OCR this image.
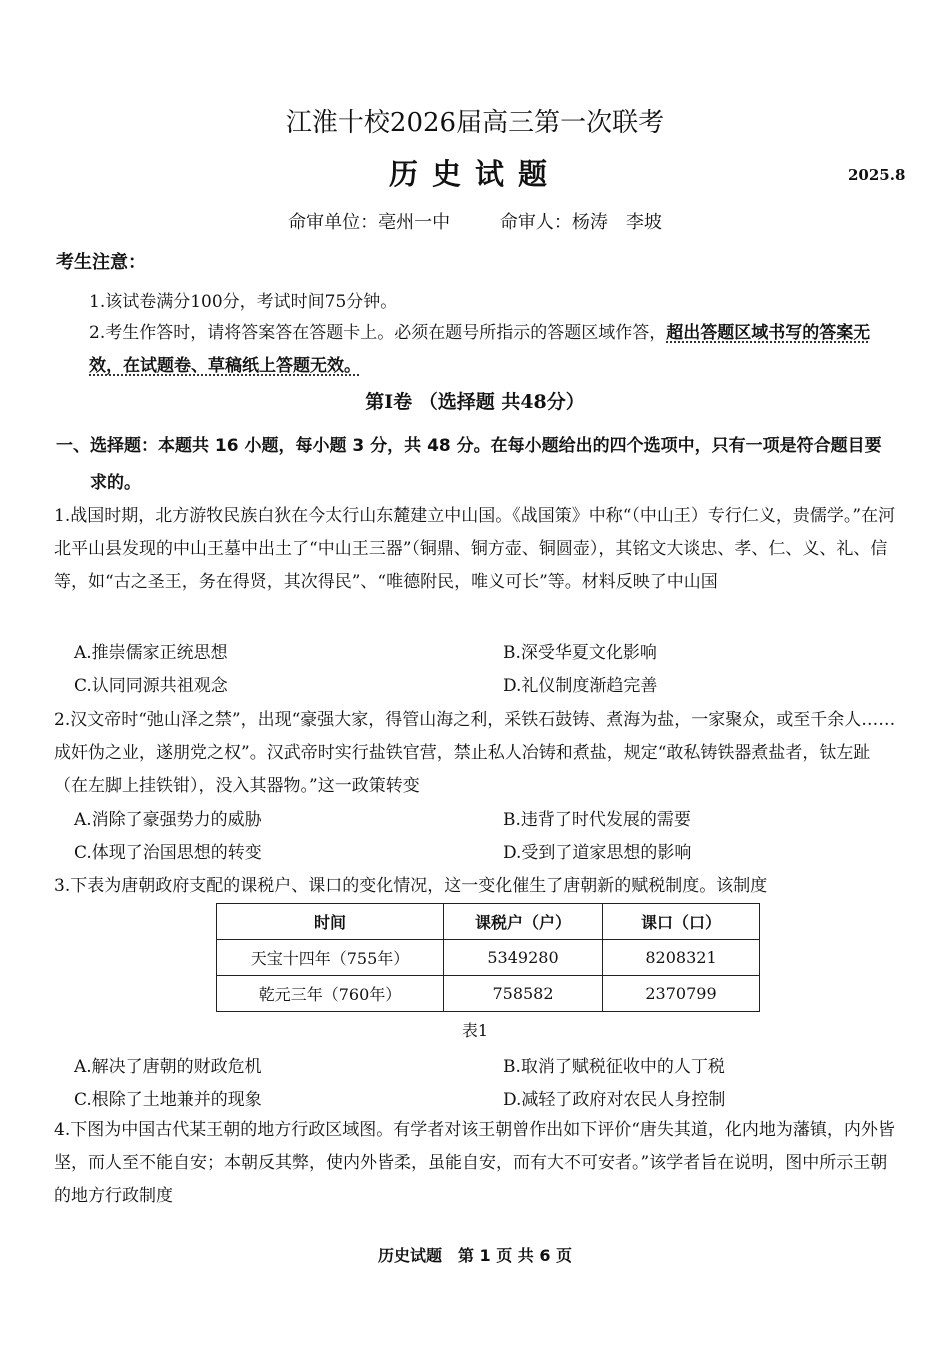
江淮十校2026届高三第一次联考
历史试题	2025.8
命审单位：亳州一中	命审人：杨涛　李坡
考生注意：
1.该试卷满分100分，考试时间75分钟。
2.考生作答时，请将答案答在答题卡上。必须在题号所指示的答题区域作答，超出答题区域书写的答案无效，在试题卷、草稿纸上答题无效。
第Ⅰ卷 （选择题 共48分）
一、选择题：本题共 16 小题，每小题 3 分，共 48 分。在每小题给出的四个选项中，只有一项是符合题目要
求的。
1.战国时期，北方游牧民族白狄在今太行山东麓建立中山国。《战国策》中称“（中山王）专行仁义，贵儒学。”在河北平山县发现的中山王墓中出土了“中山王三器”（铜鼎、铜方壶、铜圆壶），其铭文大谈忠、孝、仁、义、礼、信等，如“古之圣王，务在得贤，其次得民”、“唯德附民，唯义可长”等。材料反映了中山国
A.推崇儒家正统思想	B.深受华夏文化影响
C.认同同源共祖观念	D.礼仪制度渐趋完善
2.汉文帝时“弛山泽之禁”，出现“豪强大家，得管山海之利，采铁石鼓铸、煮海为盐，一家聚众，或至千余人……成奸伪之业，遂朋党之权”。汉武帝时实行盐铁官营，禁止私人冶铸和煮盐，规定“敢私铸铁器煮盐者，钛左趾（在左脚上挂铁钳），没入其器物。”这一政策转变
A.消除了豪强势力的威胁	B.违背了时代发展的需要
C.体现了治国思想的转变	D.受到了道家思想的影响
3.下表为唐朝政府支配的课税户、课口的变化情况，这一变化催生了唐朝新的赋税制度。该制度
时间	课税户（户）	课口（口）
天宝十四年（755年）	5349280	8208321
乾元三年（760年）	758582	2370799
表1
A.解决了唐朝的财政危机	B.取消了赋税征收中的人丁税
C.根除了土地兼并的现象	D.减轻了政府对农民人身控制
4.下图为中国古代某王朝的地方行政区域图。有学者对该王朝曾作出如下评价“唐失其道，化内地为藩镇，内外皆坚，而人至不能自安；本朝反其弊，使内外皆柔，虽能自安，而有大不可安者。”该学者旨在说明，图中所示王朝的地方行政制度
历史试题　第 1 页 共 6 页
